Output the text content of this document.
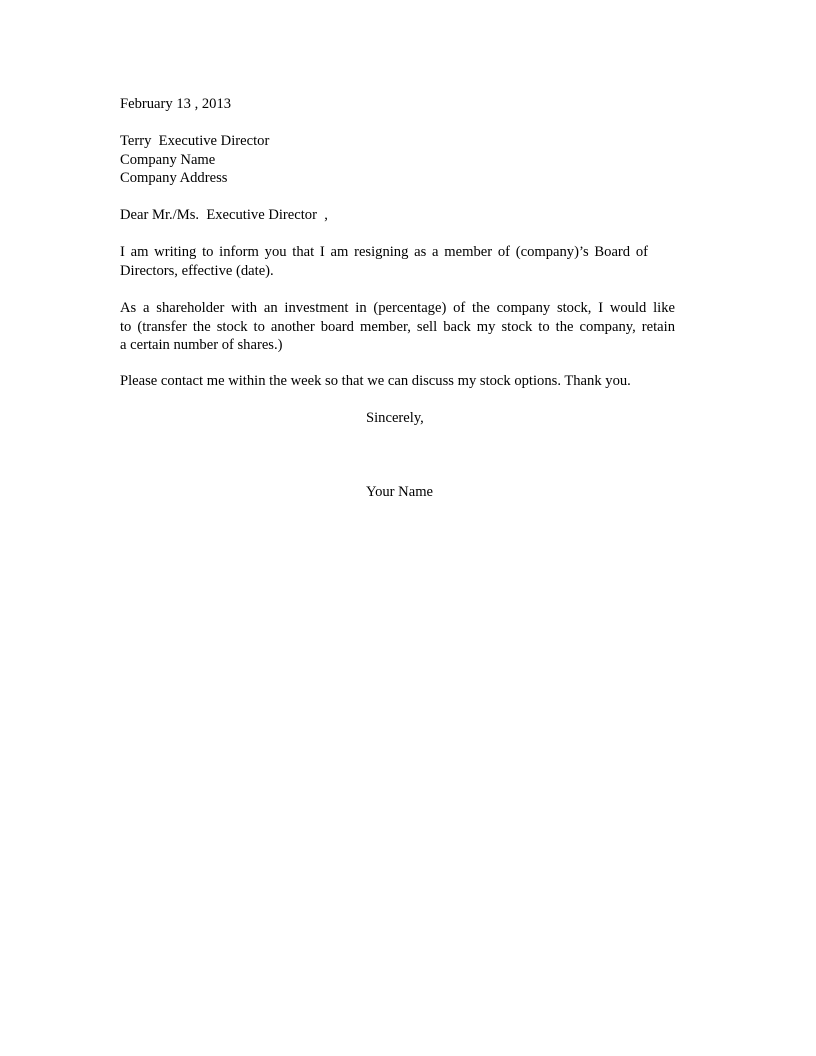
February 13 , 2013

Terry  Executive Director
Company Name
Company Address

Dear Mr./Ms.  Executive Director  ,

I am writing to inform you that I am resigning as a member of (company)’s Board of
Directors, effective (date).

As a shareholder with an investment in (percentage) of the company stock, I would like
to (transfer the stock to another board member, sell back my stock to the company, retain
a certain number of shares.)

Please contact me within the week so that we can discuss my stock options. Thank you.

Sincerely,

Your Name
